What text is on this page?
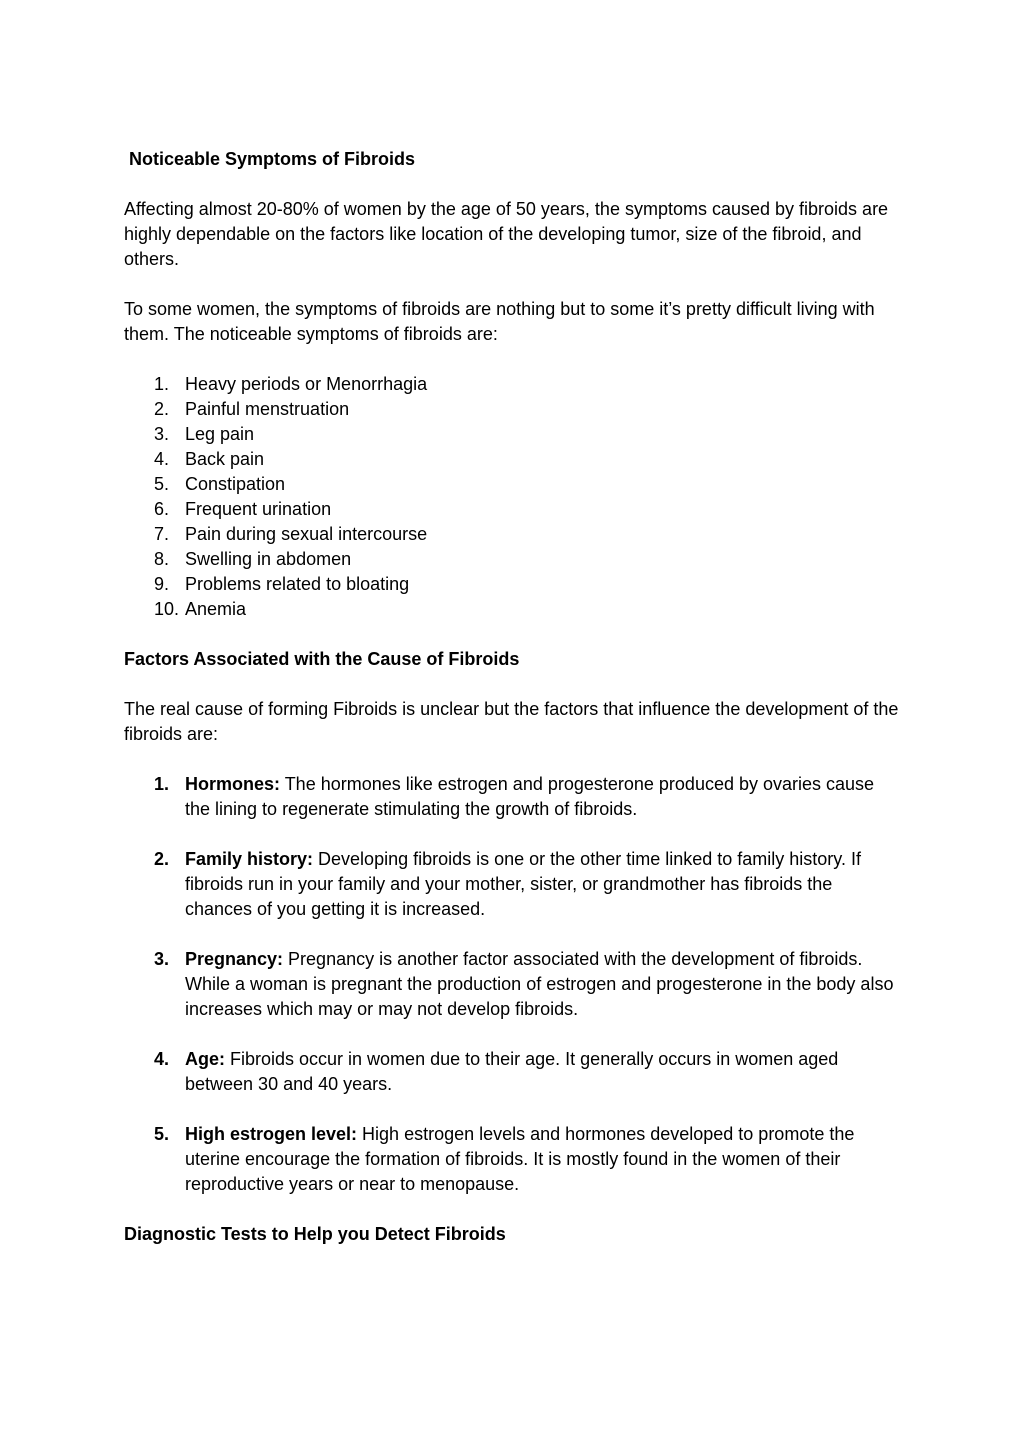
Noticeable Symptoms of Fibroids

Affecting almost 20-80% of women by the age of 50 years, the symptoms caused by fibroids are highly dependable on the factors like location of the developing tumor, size of the fibroid, and others.

To some women, the symptoms of fibroids are nothing but to some it’s pretty difficult living with them. The noticeable symptoms of fibroids are:

1. Heavy periods or Menorrhagia
2. Painful menstruation
3. Leg pain
4. Back pain
5. Constipation
6. Frequent urination
7. Pain during sexual intercourse
8. Swelling in abdomen
9. Problems related to bloating
10. Anemia
Factors Associated with the Cause of Fibroids

The real cause of forming Fibroids is unclear but the factors that influence the development of the fibroids are:

1. Hormones: The hormones like estrogen and progesterone produced by ovaries cause the lining to regenerate stimulating the growth of fibroids.
2. Family history: Developing fibroids is one or the other time linked to family history. If fibroids run in your family and your mother, sister, or grandmother has fibroids the chances of you getting it is increased.
3. Pregnancy: Pregnancy is another factor associated with the development of fibroids. While a woman is pregnant the production of estrogen and progesterone in the body also increases which may or may not develop fibroids.
4. Age: Fibroids occur in women due to their age. It generally occurs in women aged between 30 and 40 years.
5. High estrogen level: High estrogen levels and hormones developed to promote the uterine encourage the formation of fibroids. It is mostly found in the women of their reproductive years or near to menopause.
Diagnostic Tests to Help you Detect Fibroids
